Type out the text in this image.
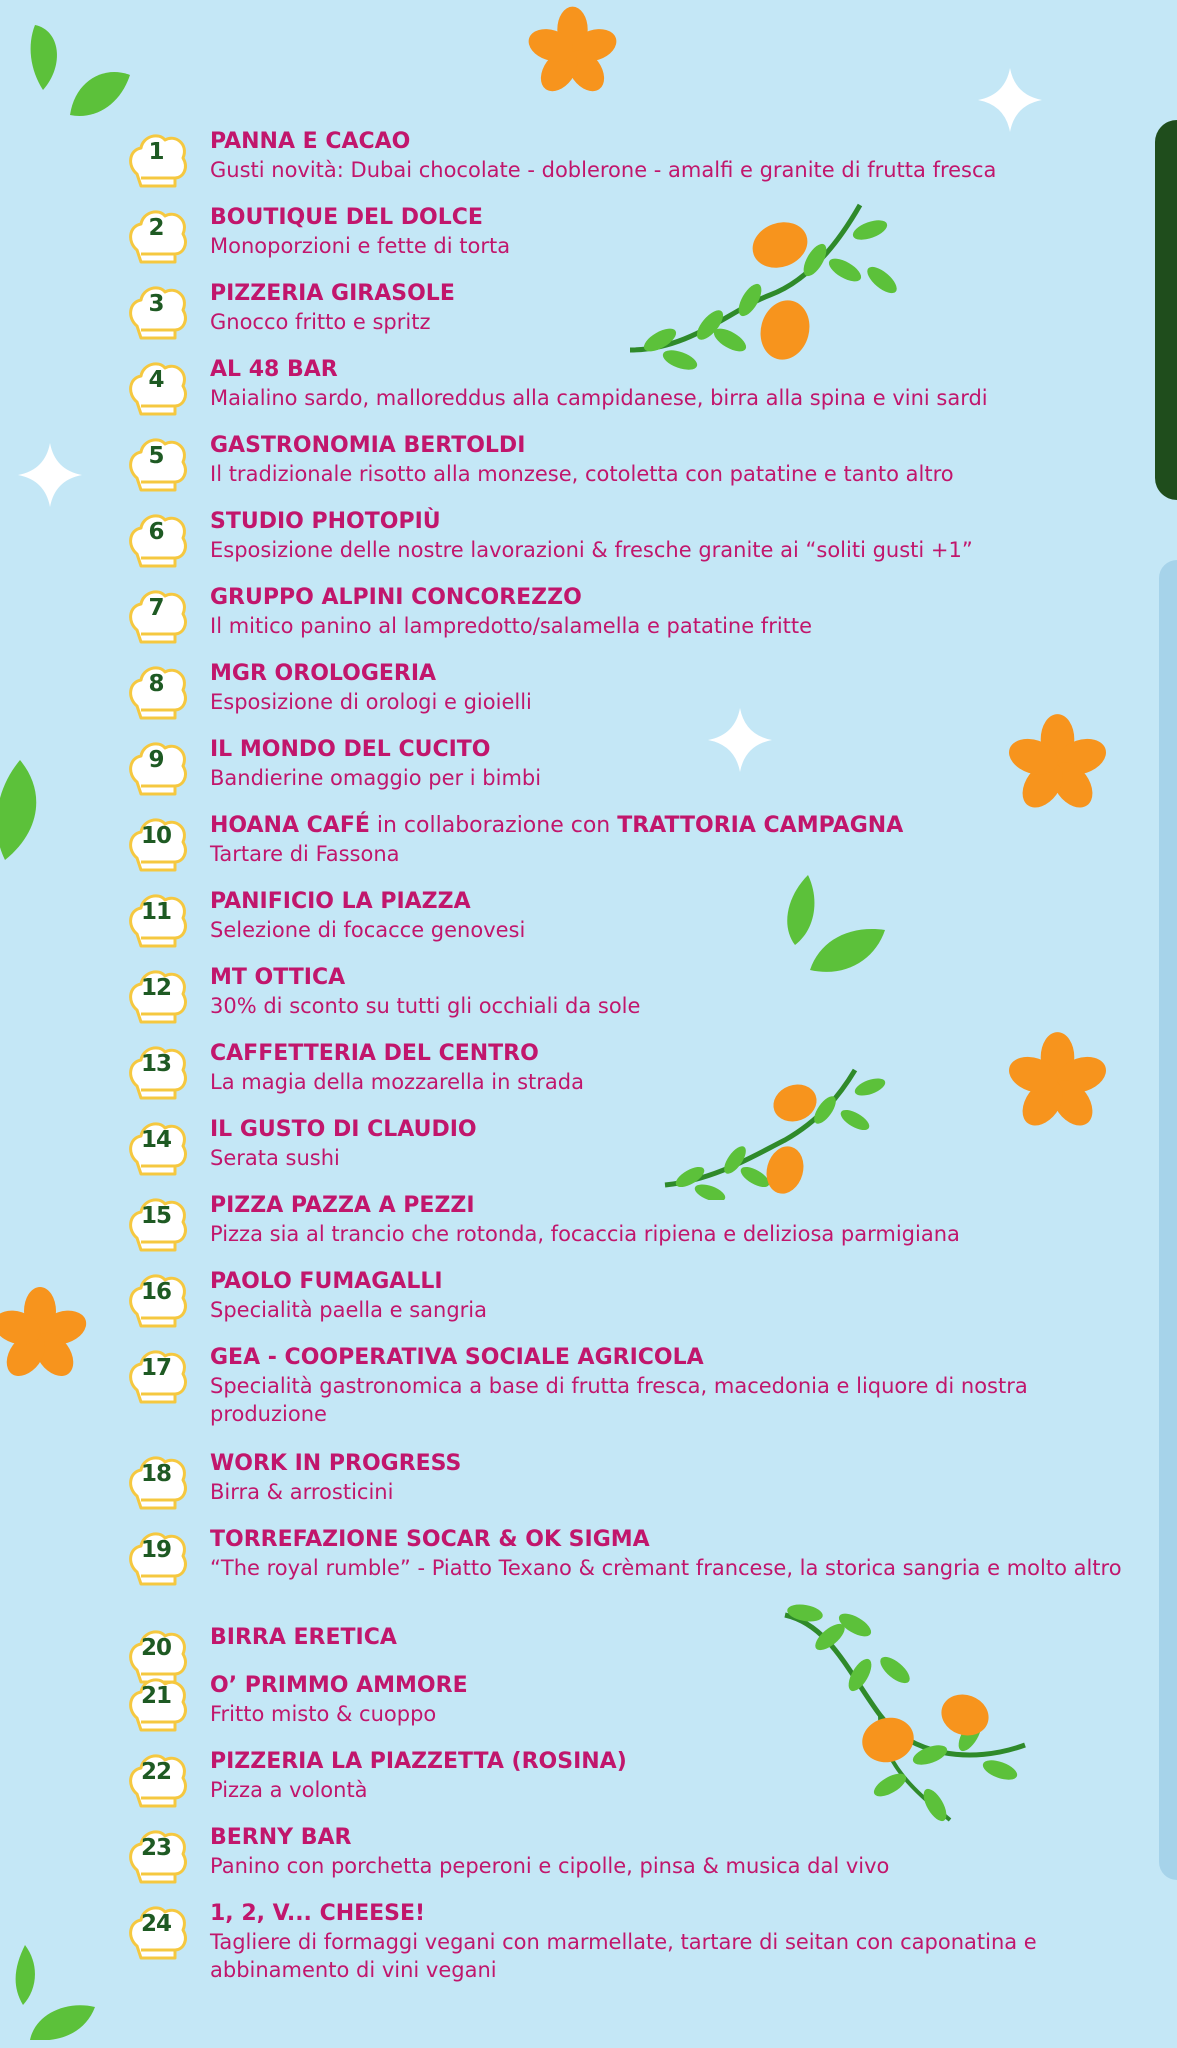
1	PANNA E CACAO
Gusti novità: Dubai chocolate - doblerone - amalfi e granite di frutta fresca
2	BOUTIQUE DEL DOLCE
Monoporzioni e fette di torta
3	PIZZERIA GIRASOLE
Gnocco fritto e spritz
4	AL 48 BAR
Maialino sardo, malloreddus alla campidanese, birra alla spina e vini sardi
5	GASTRONOMIA BERTOLDI
Il tradizionale risotto alla monzese, cotoletta con patatine e tanto altro
6	STUDIO PHOTOPIÙ
Esposizione delle nostre lavorazioni & fresche granite ai “soliti gusti +1”
7	GRUPPO ALPINI CONCOREZZO
Il mitico panino al lampredotto/salamella e patatine fritte
8	MGR OROLOGERIA
Esposizione di orologi e gioielli
9	IL MONDO DEL CUCITO
Bandierine omaggio per i bimbi
10	HOANA CAFÉ in collaborazione con TRATTORIA CAMPAGNA
Tartare di Fassona
11	PANIFICIO LA PIAZZA
Selezione di focacce genovesi
12	MT OTTICA
30% di sconto su tutti gli occhiali da sole
13	CAFFETTERIA DEL CENTRO
La magia della mozzarella in strada
14	IL GUSTO DI CLAUDIO
Serata sushi
15	PIZZA PAZZA A PEZZI
Pizza sia al trancio che rotonda, focaccia ripiena e deliziosa parmigiana
16	PAOLO FUMAGALLI
Specialità paella e sangria
17	GEA - COOPERATIVA SOCIALE AGRICOLA
Specialità gastronomica a base di frutta fresca, macedonia e liquore di nostra produzione
18	WORK IN PROGRESS
Birra & arrosticini
19	TORREFAZIONE SOCAR & OK SIGMA
“The royal rumble” - Piatto Texano & crèmant francese, la storica sangria e molto altro
20	BIRRA ERETICA
21	O’ PRIMMO AMMORE
Fritto misto & cuoppo
22	PIZZERIA LA PIAZZETTA (ROSINA)
Pizza a volontà
23	BERNY BAR
Panino con porchetta peperoni e cipolle, pinsa & musica dal vivo
24	1, 2, V... CHEESE!
Tagliere di formaggi vegani con marmellate, tartare di seitan con caponatina e abbinamento di vini vegani
